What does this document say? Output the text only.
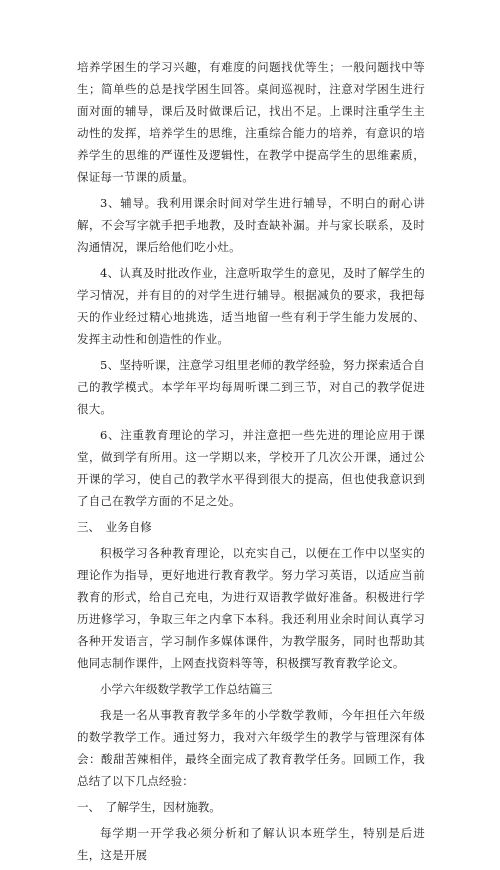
培养学困生的学习兴趣，有难度的问题找优等生；一般问题找中等生；简单些的总是找学困生回答。桌间巡视时，注意对学困生进行面对面的辅导，课后及时做课后记，找出不足。上课时注重学生主动性的发挥，培养学生的思维，注重综合能力的培养，有意识的培养学生的思维的严谨性及逻辑性，在教学中提高学生的思维素质，保证每一节课的质量。

3、辅导。我利用课余时间对学生进行辅导，不明白的耐心讲解，不会写字就手把手地教，及时查缺补漏。并与家长联系，及时沟通情况，课后给他们吃小灶。

4、认真及时批改作业，注意听取学生的意见，及时了解学生的学习情况，并有目的的对学生进行辅导。根据减负的要求，我把每天的作业经过精心地挑选，适当地留一些有利于学生能力发展的、发挥主动性和创造性的作业。

5、坚持听课，注意学习组里老师的教学经验，努力探索适合自己的教学模式。本学年平均每周听课二到三节，对自己的教学促进很大。

6、注重教育理论的学习，并注意把一些先进的理论应用于课堂，做到学有所用。这一学期以来，学校开了几次公开课，通过公开课的学习，使自己的教学水平得到很大的提高，但也使我意识到了自己在教学方面的不足之处。

三、　业务自修

积极学习各种教育理论，以充实自己，以便在工作中以坚实的理论作为指导，更好地进行教育教学。努力学习英语，以适应当前教育的形式，给自己充电，为进行双语教学做好准备。积极进行学历进修学习，争取三年之内拿下本科。我还利用业余时间认真学习各种开发语言，学习制作多媒体课件，为教学服务，同时也帮助其他同志制作课件，上网查找资料等等，积极撰写教育教学论文。

小学六年级数学教学工作总结篇三

我是一名从事教育教学多年的小学数学教师，今年担任六年级的数学教学工作。通过努力，我对六年级学生的教学与管理深有体会：酸甜苦辣相伴，最终全面完成了教育教学任务。回顾工作，我总结了以下几点经验：

一、　了解学生，因材施教。

每学期一开学我必须分析和了解认识本班学生，特别是后进生，这是开展
